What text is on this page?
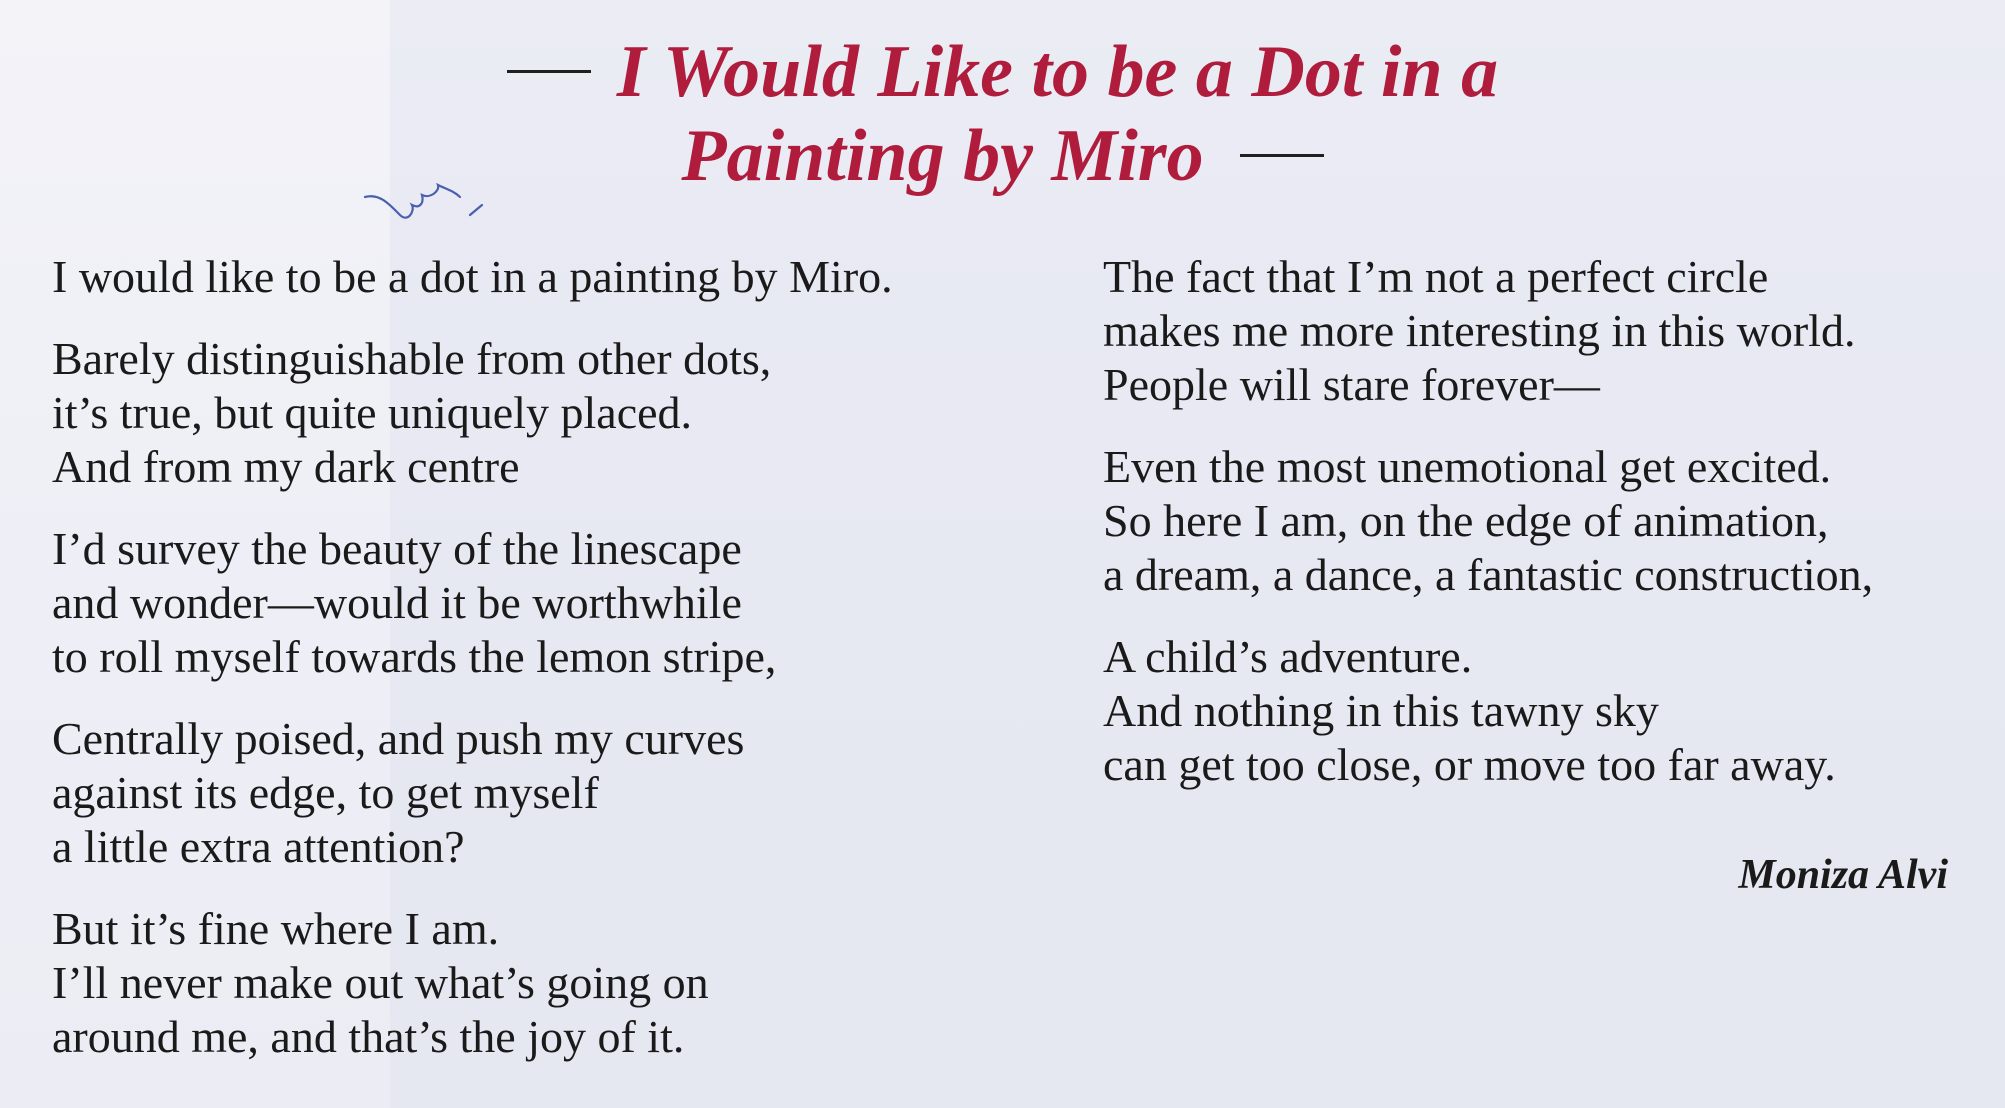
I Would Like to be a Dot in a
Painting by Miro
I would like to be a dot in a painting by Miro.
Barely distinguishable from other dots,
it’s true, but quite uniquely placed.
And from my dark centre
I’d survey the beauty of the linescape
and wonder—would it be worthwhile
to roll myself towards the lemon stripe,
Centrally poised, and push my curves
against its edge, to get myself
a little extra attention?
But it’s fine where I am.
I’ll never make out what’s going on
around me, and that’s the joy of it.
The fact that I’m not a perfect circle
makes me more interesting in this world.
People will stare forever—
Even the most unemotional get excited.
So here I am, on the edge of animation,
a dream, a dance, a fantastic construction,
A child’s adventure.
And nothing in this tawny sky
can get too close, or move too far away.
Moniza Alvi
